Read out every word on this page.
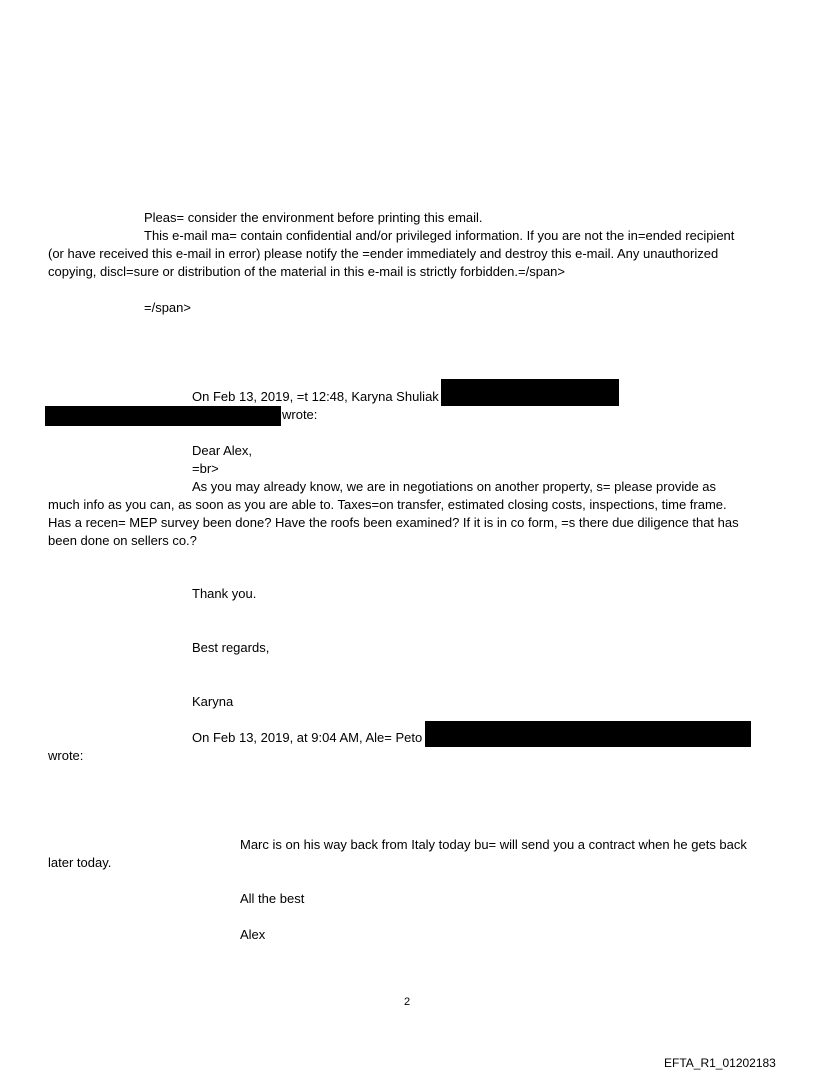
Pleas= consider the environment before printing this email.
This e-mail ma= contain confidential and/or privileged information. If you are not the in=ended recipient
(or have received this e-mail in error) please notify the =ender immediately and destroy this e-mail. Any unauthorized
copying, discl=sure or distribution of the material in this e-mail is strictly forbidden.=/span>
=/span>
On Feb 13, 2019, =t 12:48, Karyna Shuliak
wrote:
Dear Alex,
=br>
As you may already know, we are in negotiations on another property, s= please provide as
much info as you can, as soon as you are able to. Taxes=on transfer, estimated closing costs, inspections, time frame.
Has a recen= MEP survey been done? Have the roofs been examined? If it is in co form, =s there due diligence that has
been done on sellers co.?
Thank you.
Best regards,
Karyna
On Feb 13, 2019, at 9:04 AM, Ale= Peto
wrote:
Marc is on his way back from Italy today bu= will send you a contract when he gets back
later today.
All the best
Alex
2
EFTA_R1_01202183
